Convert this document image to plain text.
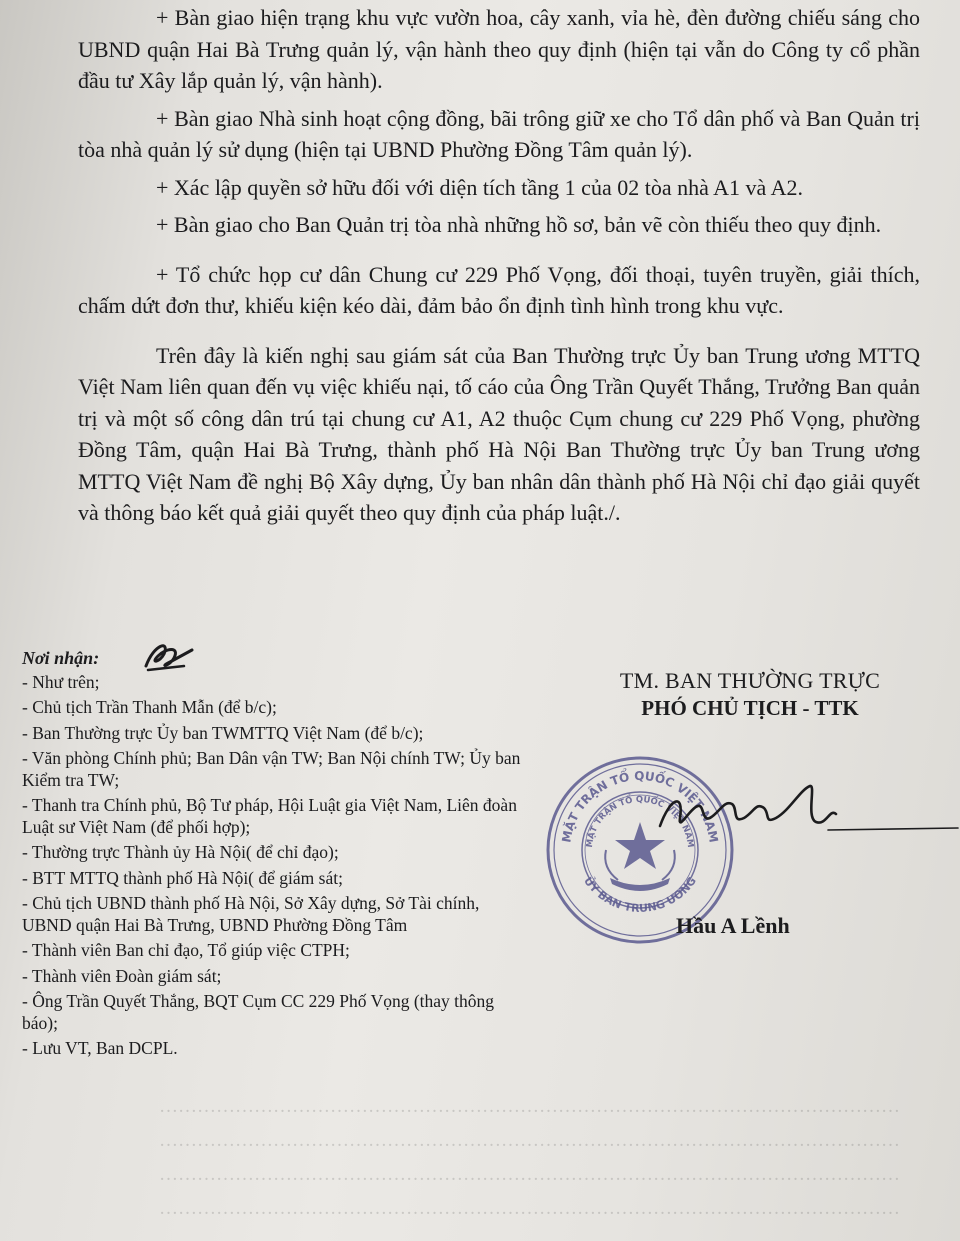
………………………………………………………………………………………………………
………………………………………………………………………………………………………
………………………………………………………………………………………………………
………………………………………………………………………………………………………

+ Bàn giao hiện trạng khu vực vườn hoa, cây xanh, vỉa hè, đèn đường chiếu sáng cho UBND quận Hai Bà Trưng quản lý, vận hành theo quy định (hiện tại vẫn do Công ty cổ phần đầu tư Xây lắp quản lý, vận hành).

+ Bàn giao Nhà sinh hoạt cộng đồng, bãi trông giữ xe cho Tổ dân phố và Ban Quản trị tòa nhà quản lý sử dụng (hiện tại UBND Phường Đồng Tâm quản lý).

+ Xác lập quyền sở hữu đối với diện tích tầng 1 của 02 tòa nhà A1 và A2.

+ Bàn giao cho Ban Quản trị tòa nhà những hồ sơ, bản vẽ còn thiếu theo quy định.

+ Tổ chức họp cư dân Chung cư 229 Phố Vọng, đối thoại, tuyên truyền, giải thích, chấm dứt đơn thư, khiếu kiện kéo dài, đảm bảo ổn định tình hình trong khu vực.

Trên đây là kiến nghị sau giám sát của Ban Thường trực Ủy ban Trung ương MTTQ Việt Nam liên quan đến vụ việc khiếu nại, tố cáo của Ông Trần Quyết Thắng, Trưởng Ban quản trị và một số công dân trú tại chung cư A1, A2 thuộc Cụm chung cư 229 Phố Vọng, phường Đồng Tâm, quận Hai Bà Trưng, thành phố Hà Nội Ban Thường trực Ủy ban Trung ương MTTQ Việt Nam đề nghị Bộ Xây dựng, Ủy ban nhân dân thành phố Hà Nội chỉ đạo giải quyết và thông báo kết quả giải quyết theo quy định của pháp luật./.

Nơi nhận:
- Như trên;
- Chủ tịch Trần Thanh Mẫn (để b/c);
- Ban Thường trực Ủy ban TWMTTQ Việt Nam (để b/c);
- Văn phòng Chính phủ; Ban Dân vận TW; Ban Nội chính TW; Ủy ban Kiểm tra TW;
- Thanh tra Chính phủ, Bộ Tư pháp, Hội Luật gia Việt Nam, Liên đoàn Luật sư Việt Nam (để phối hợp);
- Thường trực Thành ủy Hà Nội( để chỉ đạo);
- BTT MTTQ thành phố Hà Nội( để giám sát;
- Chủ tịch UBND thành phố Hà Nội, Sở Xây dựng, Sở Tài chính, UBND quận Hai Bà Trưng, UBND Phường Đồng Tâm
- Thành viên Ban chỉ đạo, Tổ giúp việc CTPH;
- Thành viên Đoàn giám sát;
- Ông Trần Quyết Thắng, BQT Cụm CC 229 Phố Vọng (thay thông báo);
- Lưu VT, Ban DCPL.
TM. BAN THƯỜNG TRỰC
PHÓ CHỦ TỊCH - TTK
MẶT TRẬN TỔ QUỐC VIỆT NAM
MẶT TRẬN TỔ QUỐC VIỆT NAM
ỦY BAN TRUNG ƯƠNG
Hầu A Lềnh
